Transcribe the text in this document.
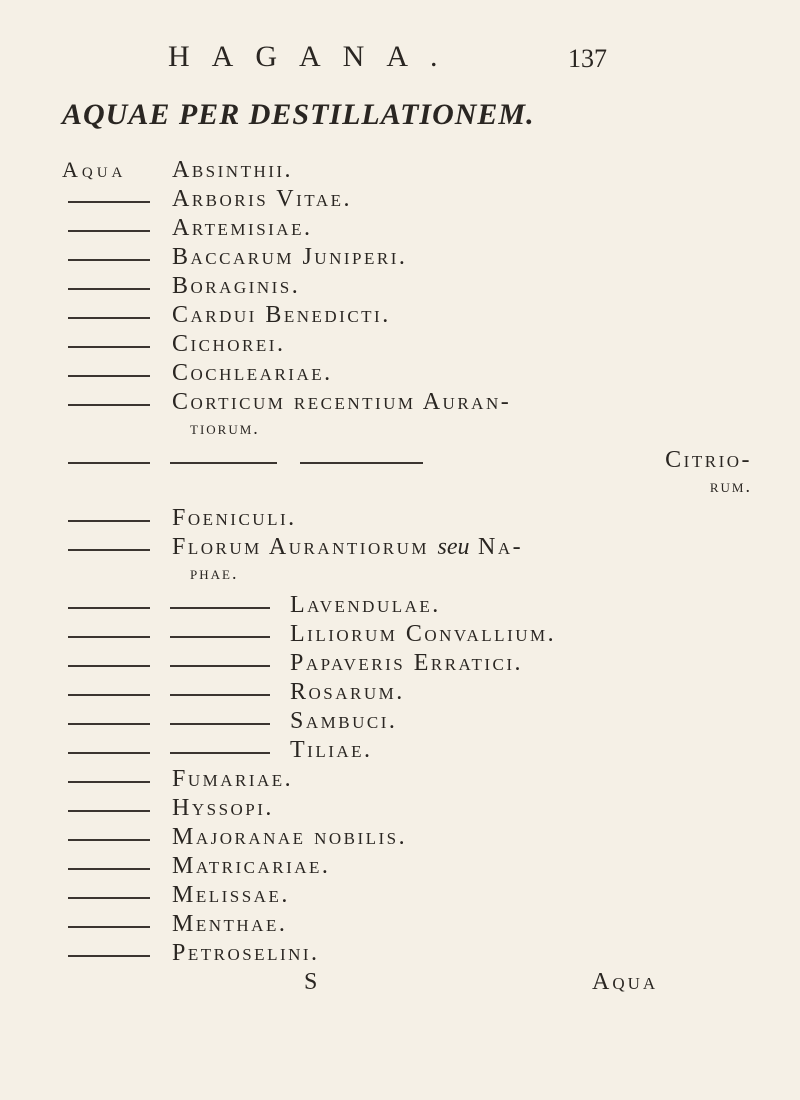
HAGANA.	137
AQUAE PER DESTILLATIONEM.
Aqua Absinthii.
Arboris Vitae.
Artemisiae.
Baccarum Juniperi.
Boraginis.
Cardui Benedicti.
Cichorei.
Cochleariae.
Corticum recentium Auran-
tiorum.
Citrio-
rum.
Foeniculi.
Florum Aurantiorum seu Na-
phae.
Lavendulae.
Liliorum Convallium.
Papaveris Erratici.
Rosarum.
Sambuci.
Tiliae.
Fumariae.
Hyssopi.
Majoranae nobilis.
Matricariae.
Melissae.
Menthae.
Petroselini.
S	Aqua
